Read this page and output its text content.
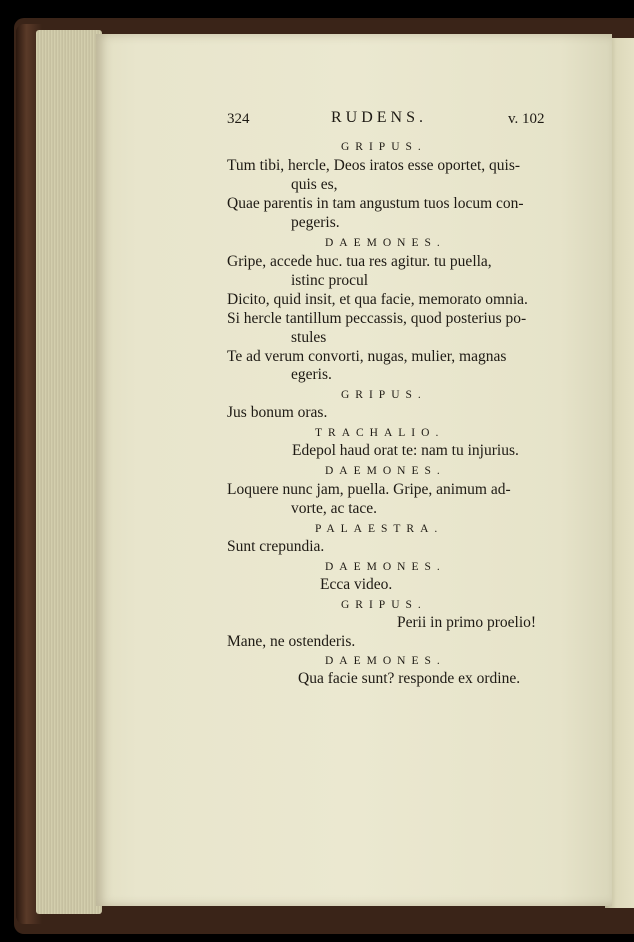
324	RUDENS.	v. 102
GRIPUS.
Tum tibi, hercle, Deos iratos esse oportet, quis-
quis es,
Quae parentis in tam angustum tuos locum con-
pegeris.
DAEMONES.
Gripe, accede huc. tua res agitur. tu puella,
istinc procul
Dicito, quid insit, et qua facie, memorato omnia.
Si hercle tantillum peccassis, quod posterius po-
stules
Te ad verum convorti, nugas, mulier, magnas
egeris.
GRIPUS.
Jus bonum oras.
TRACHALIO.
Edepol haud orat te: nam tu injurius.
DAEMONES.
Loquere nunc jam, puella. Gripe, animum ad-
vorte, ac tace.
PALAESTRA.
Sunt crepundia.
DAEMONES.
Ecca video.
GRIPUS.
Perii in primo proelio!
Mane, ne ostenderis.
DAEMONES.
Qua facie sunt? responde ex ordine.
